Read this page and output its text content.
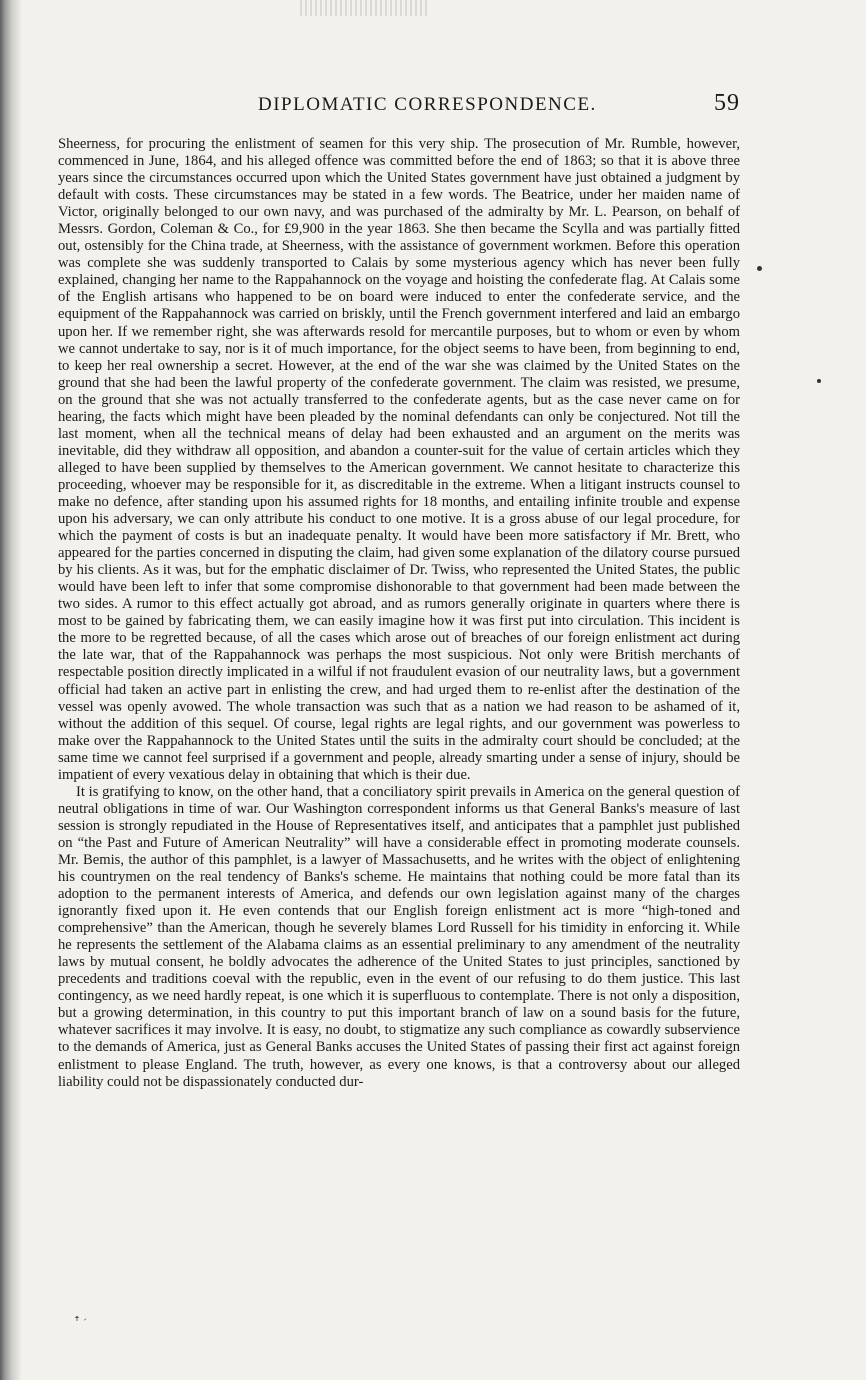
DIPLOMATIC CORRESPONDENCE.	59

Sheerness, for procuring the enlistment of seamen for this very ship. The prosecution of Mr. Rumble, however, commenced in June, 1864, and his alleged offence was committed before the end of 1863; so that it is above three years since the circumstances occurred upon which the United States government have just obtained a judgment by default with costs. These circumstances may be stated in a few words. The Beatrice, under her maiden name of Victor, originally belonged to our own navy, and was purchased of the admiralty by Mr. L. Pearson, on behalf of Messrs. Gordon, Coleman & Co., for £9,900 in the year 1863. She then became the Scylla and was partially fitted out, ostensibly for the China trade, at Sheerness, with the assistance of government workmen. Before this operation was complete she was suddenly transported to Calais by some mysterious agency which has never been fully explained, changing her name to the Rappahannock on the voyage and hoisting the confederate flag. At Calais some of the English artisans who happened to be on board were induced to enter the confederate service, and the equipment of the Rappahannock was carried on briskly, until the French government interfered and laid an embargo upon her. If we remember right, she was afterwards resold for mercantile purposes, but to whom or even by whom we cannot undertake to say, nor is it of much importance, for the object seems to have been, from beginning to end, to keep her real ownership a secret. However, at the end of the war she was claimed by the United States on the ground that she had been the lawful property of the confederate government. The claim was resisted, we presume, on the ground that she was not actually transferred to the confederate agents, but as the case never came on for hearing, the facts which might have been pleaded by the nominal defendants can only be conjectured. Not till the last moment, when all the technical means of delay had been exhausted and an argument on the merits was inevitable, did they withdraw all opposition, and abandon a counter-suit for the value of certain articles which they alleged to have been supplied by themselves to the American government. We cannot hesitate to characterize this proceeding, whoever may be responsible for it, as discreditable in the extreme. When a litigant instructs counsel to make no defence, after standing upon his assumed rights for 18 months, and entailing infinite trouble and expense upon his adversary, we can only attribute his conduct to one motive. It is a gross abuse of our legal procedure, for which the payment of costs is but an inadequate penalty. It would have been more satisfactory if Mr. Brett, who appeared for the parties concerned in disputing the claim, had given some explanation of the dilatory course pursued by his clients. As it was, but for the emphatic disclaimer of Dr. Twiss, who represented the United States, the public would have been left to infer that some compromise dishonorable to that government had been made between the two sides. A rumor to this effect actually got abroad, and as rumors generally originate in quarters where there is most to be gained by fabricating them, we can easily imagine how it was first put into circulation. This incident is the more to be regretted because, of all the cases which arose out of breaches of our foreign enlistment act during the late war, that of the Rappahannock was perhaps the most suspicious. Not only were British merchants of respectable position directly implicated in a wilful if not fraudulent evasion of our neutrality laws, but a government official had taken an active part in enlisting the crew, and had urged them to re-enlist after the destination of the vessel was openly avowed. The whole transaction was such that as a nation we had reason to be ashamed of it, without the addition of this sequel. Of course, legal rights are legal rights, and our government was powerless to make over the Rappahannock to the United States until the suits in the admiralty court should be concluded; at the same time we cannot feel surprised if a government and people, already smarting under a sense of injury, should be impatient of every vexatious delay in obtaining that which is their due.

It is gratifying to know, on the other hand, that a conciliatory spirit prevails in America on the general question of neutral obligations in time of war. Our Washington correspondent informs us that General Banks's measure of last session is strongly repudiated in the House of Representatives itself, and anticipates that a pamphlet just published on “the Past and Future of American Neutrality” will have a considerable effect in promoting moderate counsels. Mr. Bemis, the author of this pamphlet, is a lawyer of Massachusetts, and he writes with the object of enlightening his countrymen on the real tendency of Banks's scheme. He maintains that nothing could be more fatal than its adoption to the permanent interests of America, and defends our own legislation against many of the charges ignorantly fixed upon it. He even contends that our English foreign enlistment act is more “high-toned and comprehensive” than the American, though he severely blames Lord Russell for his timidity in enforcing it. While he represents the settlement of the Alabama claims as an essential preliminary to any amendment of the neutrality laws by mutual consent, he boldly advocates the adherence of the United States to just principles, sanctioned by precedents and traditions coeval with the republic, even in the event of our refusing to do them justice. This last contingency, as we need hardly repeat, is one which it is superfluous to contemplate. There is not only a disposition, but a growing determination, in this country to put this important branch of law on a sound basis for the future, whatever sacrifices it may involve. It is easy, no doubt, to stigmatize any such compliance as cowardly subservience to the demands of America, just as General Banks accuses the United States of passing their first act against foreign enlistment to please England. The truth, however, as every one knows, is that a controversy about our alleged liability could not be dispassionately conducted dur-

ꜛ ˊ
